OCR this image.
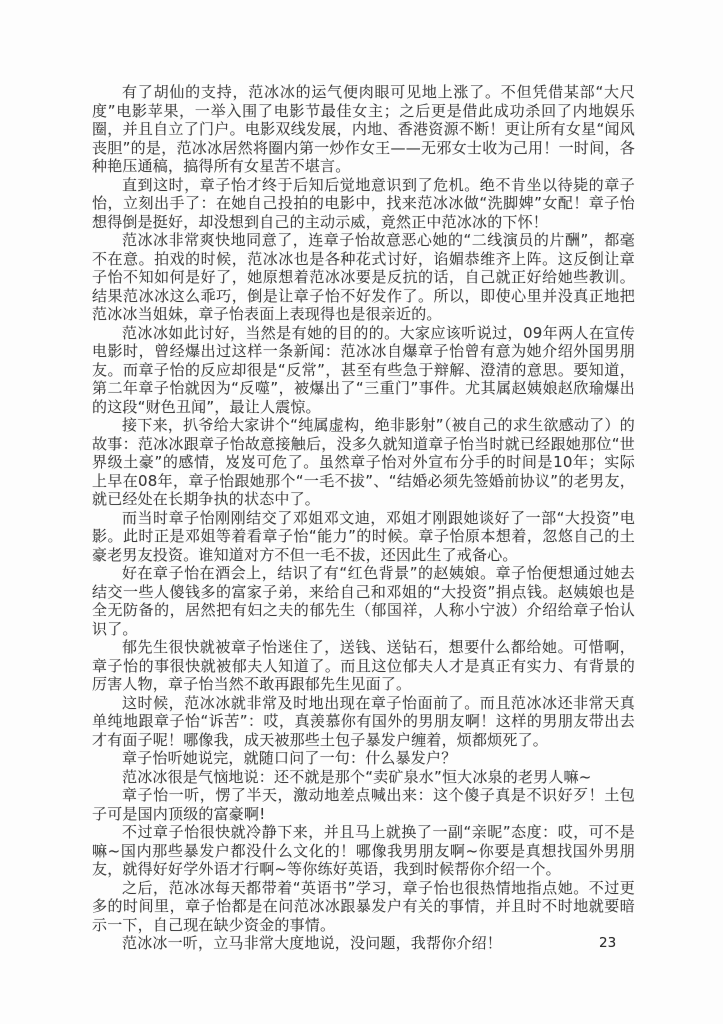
有了胡仙的支持，范冰冰的运气便肉眼可见地上涨了。不但凭借某部“大尺度”电影苹果，一举入围了电影节最佳女主；之后更是借此成功杀回了内地娱乐圈，并且自立了门户。电影双线发展，内地、香港资源不断！更让所有女星“闻风丧胆”的是，范冰冰居然将圈内第一炒作女王——无邪女士收为己用！一时间，各种艳压通稿，搞得所有女星苦不堪言。

直到这时，章子怡才终于后知后觉地意识到了危机。绝不肯坐以待毙的章子怡，立刻出手了：在她自己投拍的电影中，找来范冰冰做“洗脚婢”女配！章子怡想得倒是挺好，却没想到自己的主动示威，竟然正中范冰冰的下怀！

范冰冰非常爽快地同意了，连章子怡故意恶心她的“二线演员的片酬”，都毫不在意。拍戏的时候，范冰冰也是各种花式讨好，谄媚恭维齐上阵。这反倒让章子怡不知如何是好了，她原想着范冰冰要是反抗的话，自己就正好给她些教训。结果范冰冰这么乖巧，倒是让章子怡不好发作了。所以，即使心里并没真正地把范冰冰当姐妹，章子怡表面上表现得也是很亲近的。

范冰冰如此讨好，当然是有她的目的的。大家应该听说过，09年两人在宣传电影时，曾经爆出过这样一条新闻：范冰冰自爆章子怡曾有意为她介绍外国男朋友。而章子怡的反应却很是“反常”，甚至有些急于辩解、澄清的意思。要知道，第二年章子怡就因为“反噬”，被爆出了“三重门”事件。尤其属赵姨娘赵欣瑜爆出的这段“财色丑闻”，最让人震惊。

接下来，扒爷给大家讲个“纯属虚构，绝非影射”（被自己的求生欲感动了）的故事：范冰冰跟章子怡故意接触后，没多久就知道章子怡当时就已经跟她那位“世界级土豪”的感情，岌岌可危了。虽然章子怡对外宣布分手的时间是10年；实际上早在08年，章子怡跟她那个“一毛不拔”、“结婚必须先签婚前协议”的老男友，就已经处在长期争执的状态中了。

而当时章子怡刚刚结交了邓姐邓文迪，邓姐才刚跟她谈好了一部“大投资”电影。此时正是邓姐等着看章子怡“能力”的时候。章子怡原本想着，忽悠自己的土豪老男友投资。谁知道对方不但一毛不拔，还因此生了戒备心。

好在章子怡在酒会上，结识了有“红色背景”的赵姨娘。章子怡便想通过她去结交一些人傻钱多的富家子弟，来给自己和邓姐的“大投资”捐点钱。赵姨娘也是全无防备的，居然把有妇之夫的郁先生（郁国祥，人称小宁波）介绍给章子怡认识了。

郁先生很快就被章子怡迷住了，送钱、送钻石，想要什么都给她。可惜啊，章子怡的事很快就被郁夫人知道了。而且这位郁夫人才是真正有实力、有背景的厉害人物，章子怡当然不敢再跟郁先生见面了。

这时候，范冰冰就非常及时地出现在章子怡面前了。而且范冰冰还非常天真单纯地跟章子怡“诉苦”：哎，真羡慕你有国外的男朋友啊！这样的男朋友带出去才有面子呢！哪像我，成天被那些土包子暴发户缠着，烦都烦死了。

章子怡听她说完，就随口问了一句：什么暴发户？

范冰冰很是气恼地说：还不就是那个“卖矿泉水”恒大冰泉的老男人嘛~

章子怡一听，愣了半天，激动地差点喊出来：这个傻子真是不识好歹！土包子可是国内顶级的富豪啊!

不过章子怡很快就冷静下来，并且马上就换了一副“亲昵”态度：哎，可不是嘛~国内那些暴发户都没什么文化的！哪像我男朋友啊~你要是真想找国外男朋友，就得好好学外语才行啊~等你练好英语，我到时候帮你介绍一个。

之后，范冰冰每天都带着“英语书”学习，章子怡也很热情地指点她。不过更多的时间里，章子怡都是在问范冰冰跟暴发户有关的事情，并且时不时地就要暗示一下，自己现在缺少资金的事情。

范冰冰一听，立马非常大度地说，没问题，我帮你介绍！	23
